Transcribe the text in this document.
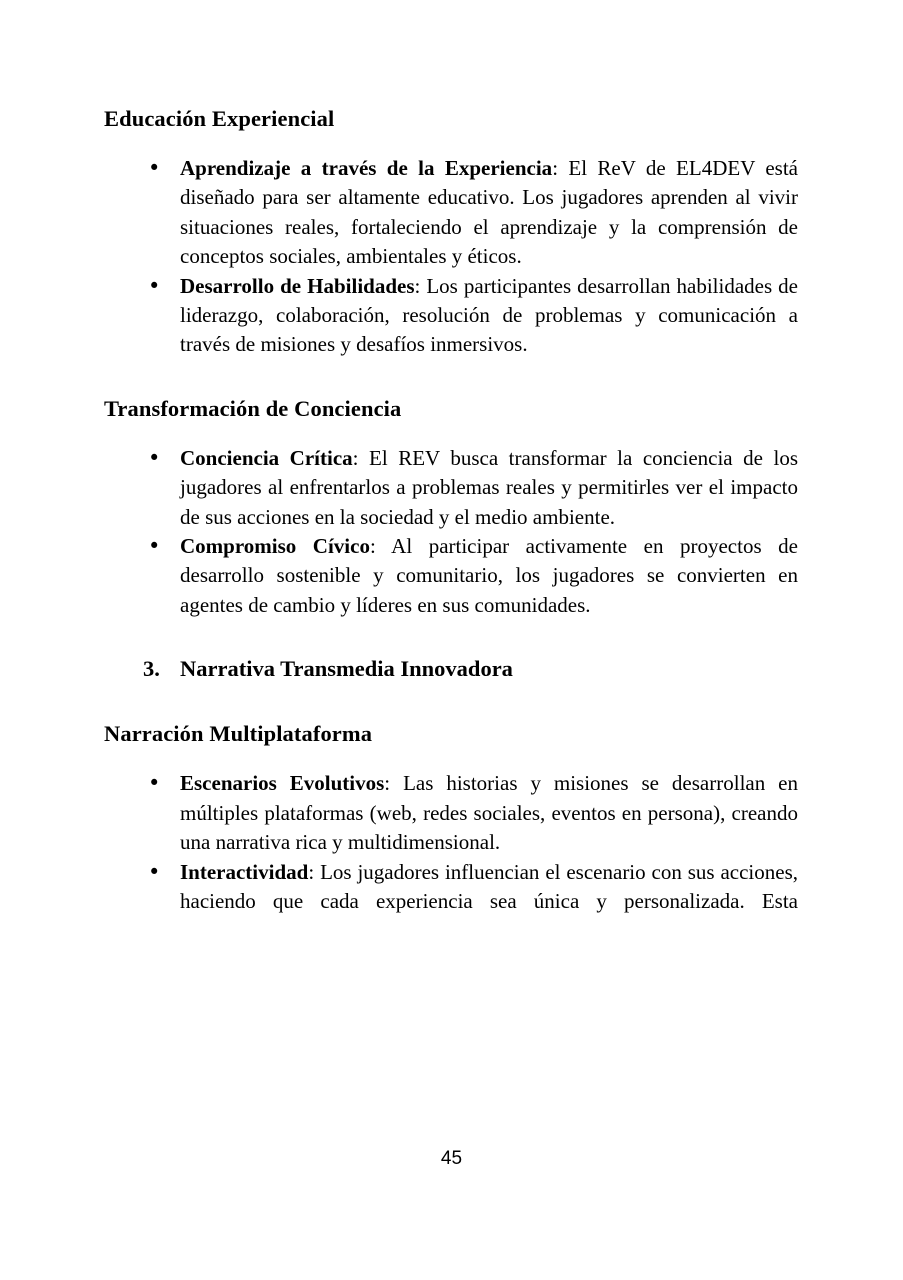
Educación Experiencial
• Aprendizaje a través de la Experiencia: El ReV de EL4DEV está diseñado para ser altamente educativo. Los jugadores aprenden al vivir situaciones reales, fortaleciendo el aprendizaje y la comprensión de conceptos sociales, ambientales y éticos.
• Desarrollo de Habilidades: Los participantes desarrollan habilidades de liderazgo, colaboración, resolución de problemas y comunicación a través de misiones y desafíos inmersivos.
Transformación de Conciencia
• Conciencia Crítica: El REV busca transformar la conciencia de los jugadores al enfrentarlos a problemas reales y permitirles ver el impacto de sus acciones en la sociedad y el medio ambiente.
• Compromiso Cívico: Al participar activamente en proyectos de desarrollo sostenible y comunitario, los jugadores se convierten en agentes de cambio y líderes en sus comunidades.
3. Narrativa Transmedia Innovadora
Narración Multiplataforma
• Escenarios Evolutivos: Las historias y misiones se desarrollan en múltiples plataformas (web, redes sociales, eventos en persona), creando una narrativa rica y multidimensional.
• Interactividad: Los jugadores influencian el escenario con sus acciones, haciendo que cada experiencia sea única y personalizada. Esta
45
